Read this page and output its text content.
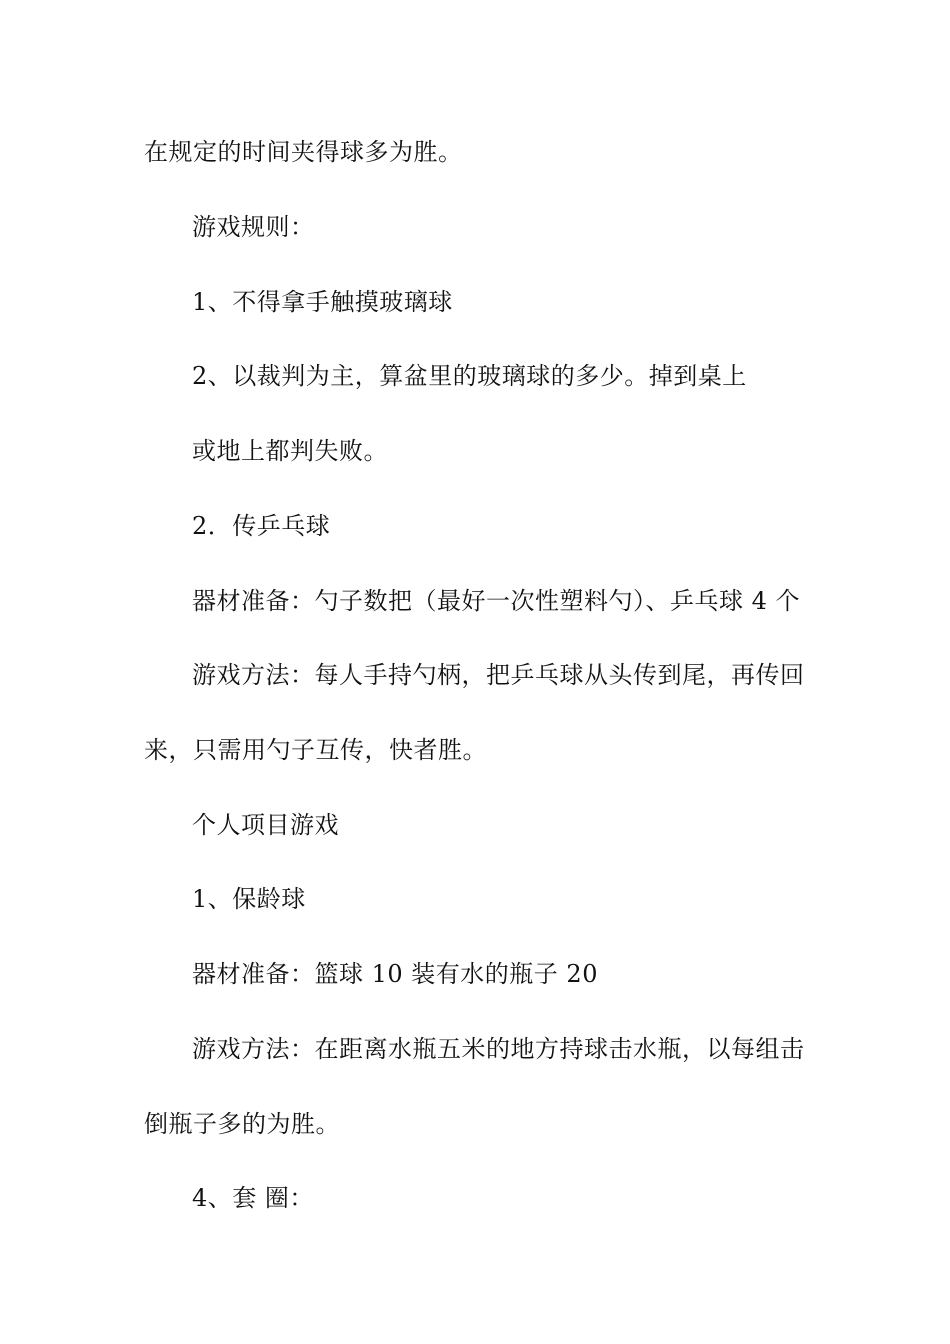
在规定的时间夹得球多为胜。
游戏规则：
1、不得拿手触摸玻璃球
2、以裁判为主，算盆里的玻璃球的多少。掉到桌上
或地上都判失败。
2．传乒乓球
器材准备：勺子数把（最好一次性塑料勺）、乒乓球 4 个
游戏方法：每人手持勺柄，把乒乓球从头传到尾，再传回
来，只需用勺子互传，快者胜。
个人项目游戏
1、保龄球
器材准备：篮球 10 装有水的瓶子 20
游戏方法：在距离水瓶五米的地方持球击水瓶，以每组击
倒瓶子多的为胜。
4、套 圈：
